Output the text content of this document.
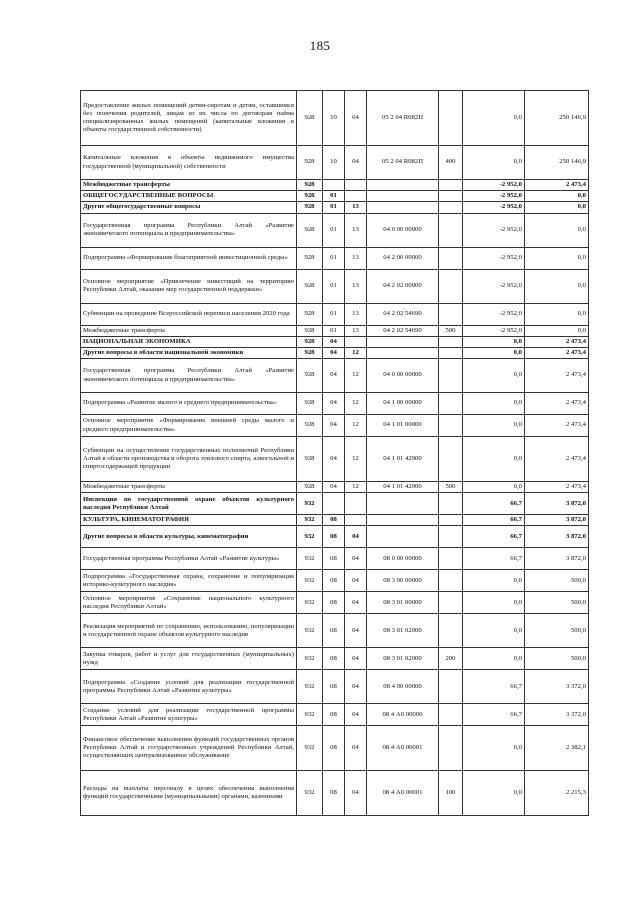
185
Предоставление жилых помещений детям-сиротам и детям, оставшимся без попечения родителей, лицам из их числа по договорам найма специализированных жилых помещений (капитальные вложения в объекты государственной собственности)	928	10	04	05 2 04 R082П		0,0	250 146,9
Капитальные вложения в объекты недвижимого имущества государственной (муниципальной) собственности	928	10	04	05 2 04 R082П	400	0,0	250 146,9
Межбюджетные трансферты	928					-2 952,0	2 473,4
ОБЩЕГОСУДАРСТВЕННЫЕ ВОПРОСЫ	928	01				-2 952,0	0,0
Другие общегосударственные вопросы	928	01	13			-2 952,0	0,0
Государственная программа Республики Алтай «Развитие экономического потенциала и предпринимательства»	928	01	13	04 0 00 00000		-2 952,0	0,0
Подпрограмма «Формирование благоприятной инвестиционной среды»	928	01	13	04 2 00 00000		-2 952,0	0,0
Основное мероприятие «Привлечение инвестиций на территорию Республики Алтай, оказание мер государственной поддержки»	928	01	13	04 2 02 00000		-2 952,0	0,0
Субвенции на проведение Всероссийской переписи населения 2020 года	928	01	13	04 2 02 54690		-2 952,0	0,0
Межбюджетные трансферты	928	01	13	04 2 02 54690	500	-2 952,0	0,0
НАЦИОНАЛЬНАЯ ЭКОНОМИКА	928	04				0,0	2 473,4
Другие вопросы в области национальной экономики	928	04	12			0,0	2 473,4
Государственная программа Республики Алтай «Развитие экономического потенциала и предпринимательства»	928	04	12	04 0 00 00000		0,0	2 473,4
Подпрограмма «Развитие малого и среднего предпринимательства»	928	04	12	04 1 00 00000		0,0	2 473,4
Основное мероприятие «Формирование внешней среды малого и среднего предпринимательства»	928	04	12	04 1 01 00000		0,0	2 473,4
Субвенции на осуществление государственных полномочий Республики Алтай в области производства и оборота этилового спирта, алкогольной и спиртосодержащей продукции	928	04	12	04 1 01 42900		0,0	2 473,4
Межбюджетные трансферты	928	04	12	04 1 01 42900	500	0,0	2 473,4
Инспекция по государственной охране объектов культурного наследия Республики Алтай	932					66,7	3 872,0
КУЛЬТУРА, КИНЕМАТОГРАФИЯ	932	08				66,7	3 872,0
Другие вопросы в области культуры, кинематографии	932	08	04			66,7	3 872,0
Государственная программа Республики Алтай «Развитие культуры»	932	08	04	08 0 00 00000		66,7	3 872,0
Подпрограмма «Государственная охрана, сохранение и популяризация историко-культурного наследия»	932	08	04	08 3 00 00000		0,0	500,0
Основное мероприятие «Сохранение национального культурного наследия Республики Алтай»	932	08	04	08 3 01 00000		0,0	500,0
Реализация мероприятий по сохранению, использованию, популяризации и государственной охране объектов культурного наследия	932	08	04	08 3 01 02000		0,0	500,0
Закупка товаров, работ и услуг для государственных (муниципальных) нужд	932	08	04	08 3 01 02000	200	0,0	500,0
Подпрограмма «Создание условий для реализации государственной программы Республики Алтай «Развитие культуры»	932	08	04	08 4 00 00000		66,7	3 372,0
Создание условий для реализации государственной программы Республики Алтай «Развитие культуры»	932	08	04	08 4 А0 00000		66,7	3 372,0
Финансовое обеспечение выполнения функций государственных органов Республики Алтай и государственных учреждений Республики Алтай, осуществляющих централизованное обслуживание	932	08	04	08 4 А0 00001		0,0	2 382,1
Расходы на выплаты персоналу в целях обеспечения выполнения функций государственными (муниципальными) органами, казенными	932	08	04	08 4 А0 00001	100	0,0	2 215,3
